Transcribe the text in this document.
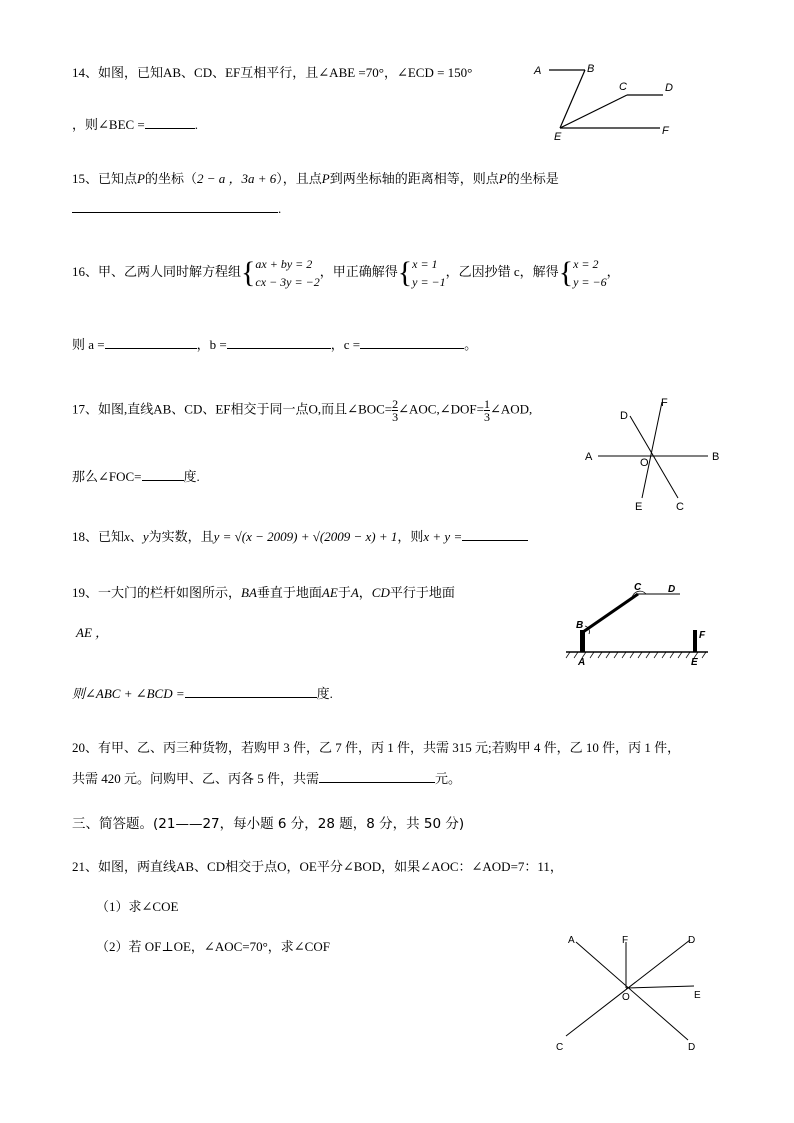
14、如图，已知AB、CD、EF互相平行，且∠ABE =70°，∠ECD = 150°
，则∠BEC =	.
A	B
C	D
E	F
15、已知点P的坐标（2 − a ，3a + 6），且点P到两坐标轴的距离相等，则点P的坐标是
.
16、甲、乙两人同时解方程组{ax + by = 2
cx − 3y = −2，甲正确解得{x = 1
y = −1，乙因抄错 c，解得{x = 2
y = −6，
则 a =	，b =	，c =	。
17、如图,直线AB、CD、EF相交于同一点O,而且∠BOC= $\frac{2}{3}$ ∠AOC,∠DOF= $\frac{1}{3}$ ∠AOD,
那么∠FOC=	度.
A	B
C
D
E
F
O
18、已知x、y为实数，且y = √(x − 2009) + √(2009 − x) + 1，则x + y =
19、一大门的栏杆如图所示，BA垂直于地面AE于A，CD平行于地面
AE ，
则∠ABC + ∠BCD =	度.
C	D
B
A
F
E
20、有甲、乙、丙三种货物，若购甲 3 件，乙 7 件，丙 1 件，共需 315 元;若购甲 4 件，乙 10 件，丙 1 件，
共需 420 元。问购甲、乙、丙各 5 件，共需	元。
三、简答题。(21——27，每小题 6 分，28 题，8 分，共 50 分)
21、如图，两直线AB、CD相交于点O，OE平分∠BOD，如果∠AOC：∠AOD=7：11，
（1）求∠COE
（2）若 OF⊥OE，∠AOC=70°，求∠COF	A	F	D
O	E
C	D
